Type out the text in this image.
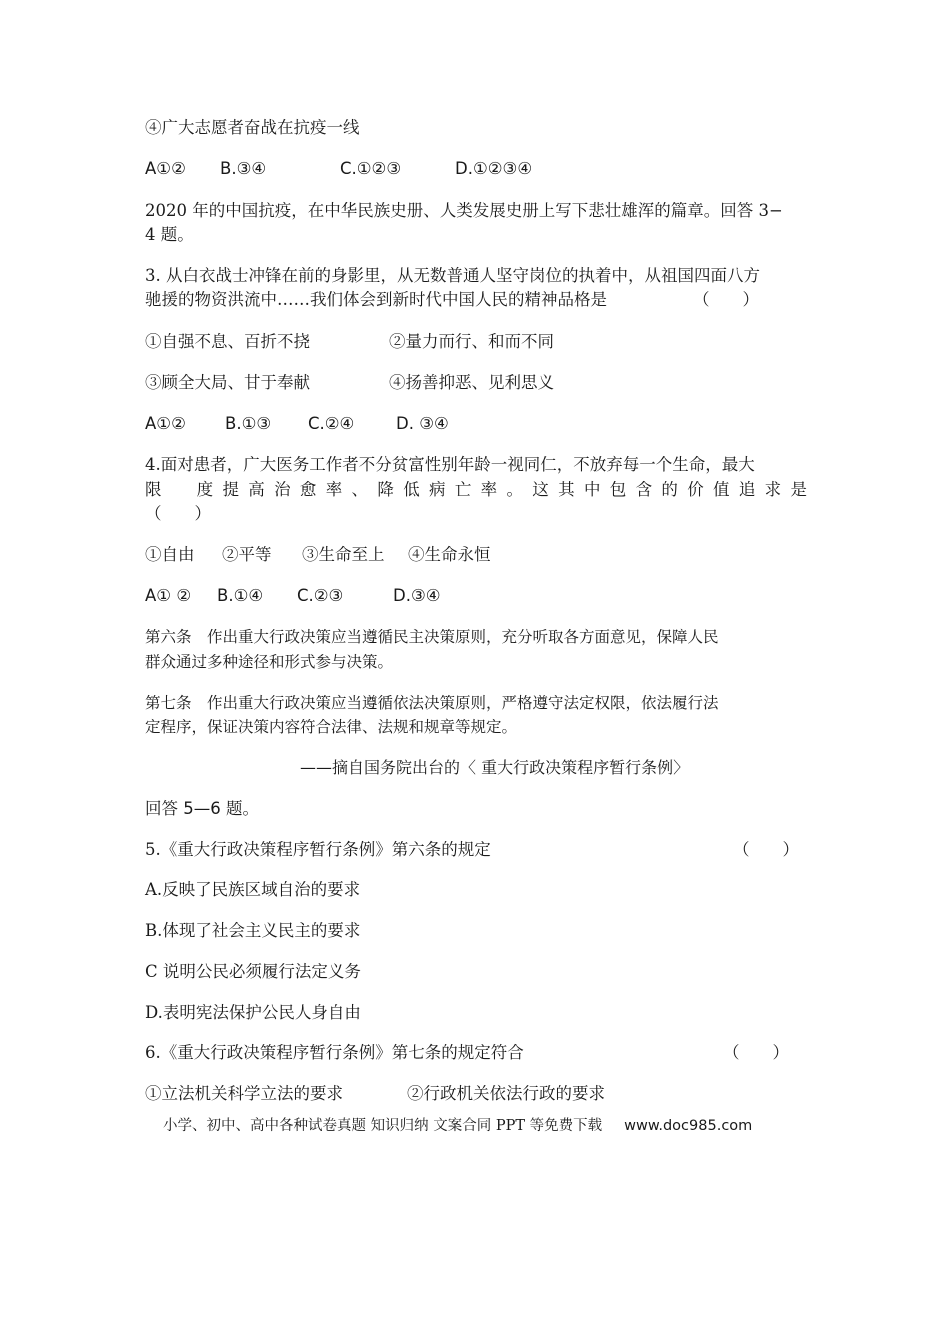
④广大志愿者奋战在抗疫一线
A①② B.③④	C.①②③	D.①②③④
2020 年的中国抗疫，在中华民族史册、人类发展史册上写下悲壮雄浑的篇章。回答 3−
4 题。
3. 从白衣战士冲锋在前的身影里，从无数普通人坚守岗位的执着中，从祖国四面八方
驰援的物资洪流中……我们体会到新时代中国人民的精神品格是	（　　）
①自强不息、百折不挠	②量力而行、和而不同
③顾全大局、甘于奉献	④扬善抑恶、见利思义
A①② B.①③ C.②④	D. ③④
4.面对患者，广大医务工作者不分贫富性别年龄一视同仁，不放弃每一个生命，最大
限　度提高治愈率、降低病亡率。这其中包含的价值追求是
（　　）
①自由 ②平等 ③生命至上 ④生命永恒
A① ② B.①④ C.②③	D.③④
第六条　作出重大行政决策应当遵循民主决策原则，充分听取各方面意见，保障人民
群众通过多种途径和形式参与决策。
第七条　作出重大行政决策应当遵循依法决策原则，严格遵守法定权限，依法履行法
定程序，保证决策内容符合法律、法规和规章等规定。
——摘自国务院出台的〈 重大行政决策程序暂行条例〉
回答 5—6 题。
5.《重大行政决策程序暂行条例》第六条的规定	（　　）
A.反映了民族区域自治的要求
B.体现了社会主义民主的要求
C 说明公民必须履行法定义务
D.表明宪法保护公民人身自由
6.《重大行政决策程序暂行条例》第七条的规定符合	（　　）
①立法机关科学立法的要求	②行政机关依法行政的要求
小学、初中、高中各种试卷真题 知识归纳 文案合同 PPT 等免费下载 www.doc985.com
